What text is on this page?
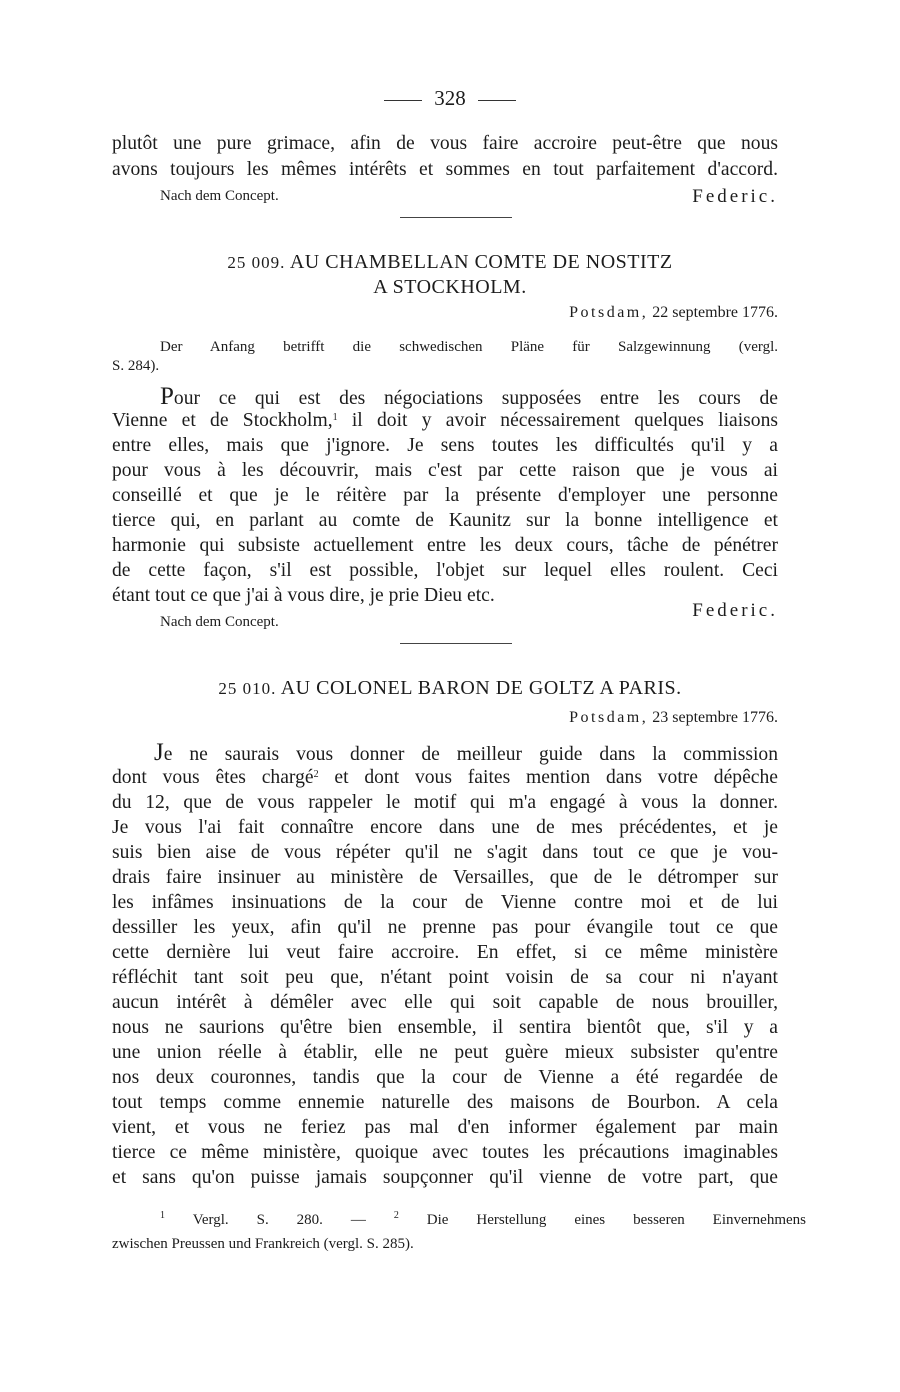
328
plutôt une pure grimace, afin de vous faire accroire peut-être que nous
avons toujours les mêmes intérêts et sommes en tout parfaitement d'accord.
Nach dem Concept.	Federic.
25 009. AU CHAMBELLAN COMTE DE NOSTITZ
A STOCKHOLM.
Potsdam, 22 septembre 1776.
Der Anfang betrifft die schwedischen Pläne für Salzgewinnung (vergl.
S. 284).
Pour ce qui est des négociations supposées entre les cours de
Vienne et de Stockholm,$^1$ il doit y avoir nécessairement quelques liaisons
entre elles, mais que j'ignore. Je sens toutes les difficultés qu'il y a
pour vous à les découvrir, mais c'est par cette raison que je vous ai
conseillé et que je le réitère par la présente d'employer une personne
tierce qui, en parlant au comte de Kaunitz sur la bonne intelligence et
harmonie qui subsiste actuellement entre les deux cours, tâche de pénétrer
de cette façon, s'il est possible, l'objet sur lequel elles roulent. Ceci
étant tout ce que j'ai à vous dire, je prie Dieu etc.
Federic.
Nach dem Concept.
25 010. AU COLONEL BARON DE GOLTZ A PARIS.
Potsdam, 23 septembre 1776.
Je ne saurais vous donner de meilleur guide dans la commission
dont vous êtes chargé$^2$ et dont vous faites mention dans votre dépêche
du 12, que de vous rappeler le motif qui m'a engagé à vous la donner.
Je vous l'ai fait connaître encore dans une de mes précédentes, et je
suis bien aise de vous répéter qu'il ne s'agit dans tout ce que je vou-
drais faire insinuer au ministère de Versailles, que de le détromper sur
les infâmes insinuations de la cour de Vienne contre moi et de lui
dessiller les yeux, afin qu'il ne prenne pas pour évangile tout ce que
cette dernière lui veut faire accroire. En effet, si ce même ministère
réfléchit tant soit peu que, n'étant point voisin de sa cour ni n'ayant
aucun intérêt à démêler avec elle qui soit capable de nous brouiller,
nous ne saurions qu'être bien ensemble, il sentira bientôt que, s'il y a
une union réelle à établir, elle ne peut guère mieux subsister qu'entre
nos deux couronnes, tandis que la cour de Vienne a été regardée de
tout temps comme ennemie naturelle des maisons de Bourbon. A cela
vient, et vous ne feriez pas mal d'en informer également par main
tierce ce même ministère, quoique avec toutes les précautions imaginables
et sans qu'on puisse jamais soupçonner qu'il vienne de votre part, que
$^1$ Vergl. S. 280. —	$^2$ Die Herstellung eines besseren Einvernehmens
zwischen Preussen und Frankreich (vergl. S. 285).
